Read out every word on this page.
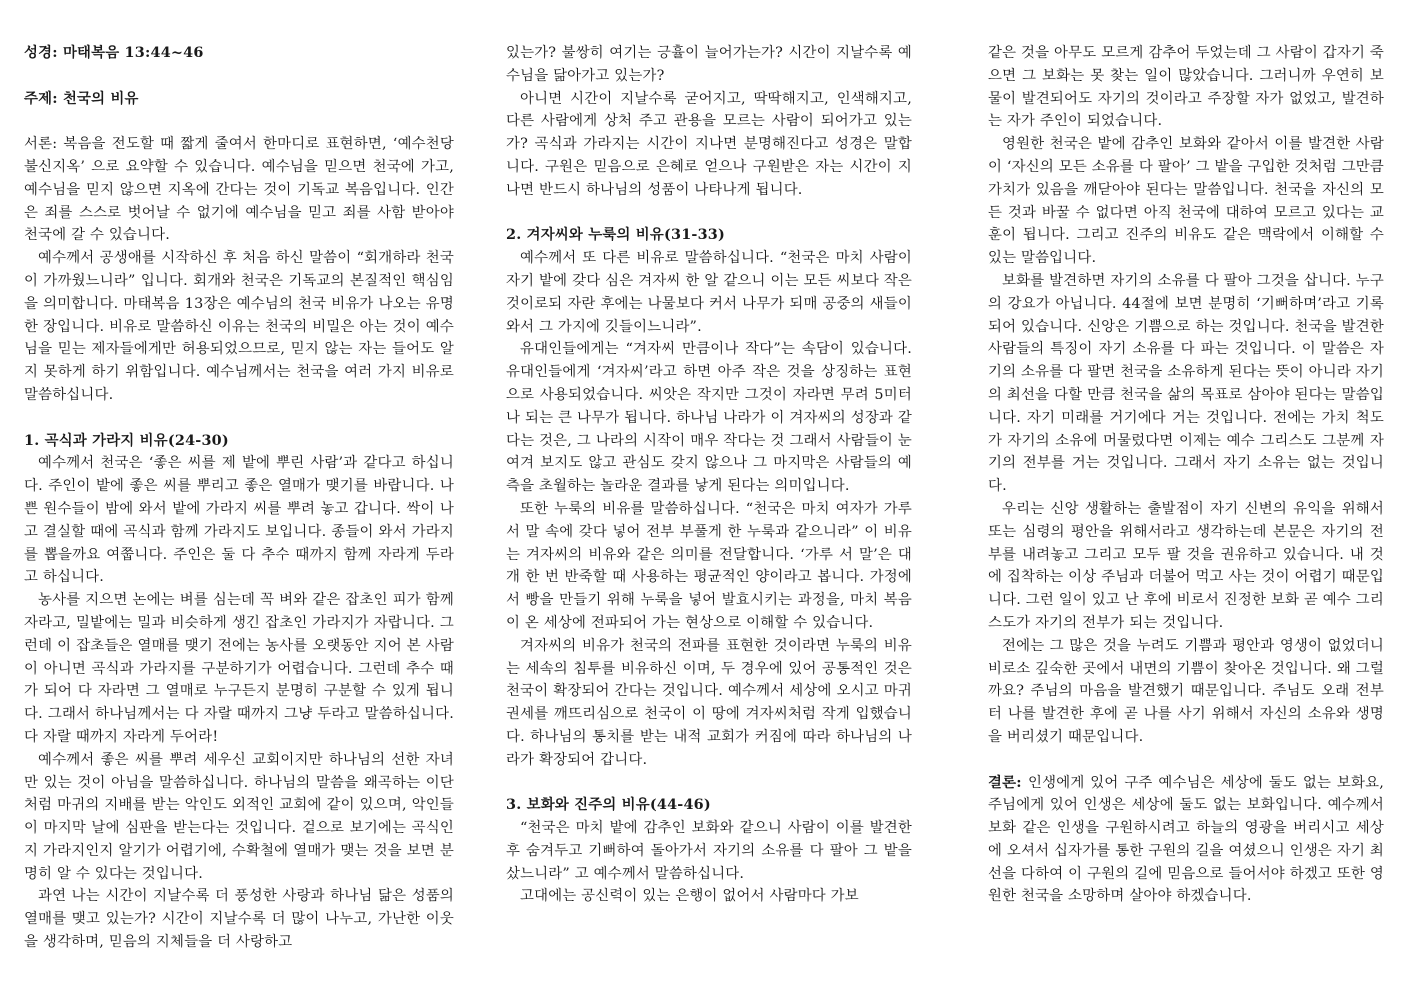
성경: 마태복음 13:44~46

주제: 천국의 비유

서론: 복음을 전도할 때 짧게 줄여서 한마디로 표현하면, ‘예수천당 불신지옥’ 으로 요약할 수 있습니다. 예수님을 믿으면 천국에 가고, 예수님을 믿지 않으면 지옥에 간다는 것이 기독교 복음입니다. 인간은 죄를 스스로 벗어날 수 없기에 예수님을 믿고 죄를 사함 받아야 천국에 갈 수 있습니다.

예수께서 공생애를 시작하신 후 처음 하신 말씀이 “회개하라 천국이 가까웠느니라” 입니다. 회개와 천국은 기독교의 본질적인 핵심임을 의미합니다. 마태복음 13장은 예수님의 천국 비유가 나오는 유명한 장입니다. 비유로 말씀하신 이유는 천국의 비밀은 아는 것이 예수님을 믿는 제자들에게만 허용되었으므로, 믿지 않는 자는 들어도 알지 못하게 하기 위함입니다. 예수님께서는 천국을 여러 가지 비유로 말씀하십니다.

1. 곡식과 가라지 비유(24-30)

예수께서 천국은 ‘좋은 씨를 제 밭에 뿌린 사람’과 같다고 하십니다. 주인이 밭에 좋은 씨를 뿌리고 좋은 열매가 맺기를 바랍니다. 나쁜 원수들이 밤에 와서 밭에 가라지 씨를 뿌려 놓고 갑니다. 싹이 나고 결실할 때에 곡식과 함께 가라지도 보입니다. 종들이 와서 가라지를 뽑을까요 여쭙니다. 주인은 둘 다 추수 때까지 함께 자라게 두라고 하십니다.

농사를 지으면 논에는 벼를 심는데 꼭 벼와 같은 잡초인 피가 함께 자라고, 밀밭에는 밀과 비슷하게 생긴 잡초인 가라지가 자랍니다. 그런데 이 잡초들은 열매를 맺기 전에는 농사를 오랫동안 지어 본 사람이 아니면 곡식과 가라지를 구분하기가 어렵습니다. 그런데 추수 때가 되어 다 자라면 그 열매로 누구든지 분명히 구분할 수 있게 됩니다. 그래서 하나님께서는 다 자랄 때까지 그냥 두라고 말씀하십니다. 다 자랄 때까지 자라게 두어라!

예수께서 좋은 씨를 뿌려 세우신 교회이지만 하나님의 선한 자녀만 있는 것이 아님을 말씀하십니다. 하나님의 말씀을 왜곡하는 이단처럼 마귀의 지배를 받는 악인도 외적인 교회에 같이 있으며, 악인들이 마지막 날에 심판을 받는다는 것입니다. 겉으로 보기에는 곡식인지 가라지인지 알기가 어렵기에, 수확철에 열매가 맺는 것을 보면 분명히 알 수 있다는 것입니다.

과연 나는 시간이 지날수록 더 풍성한 사랑과 하나님 닮은 성품의 열매를 맺고 있는가? 시간이 지날수록 더 많이 나누고, 가난한 이웃을 생각하며, 믿음의 지체들을 더 사랑하고

있는가? 불쌍히 여기는 긍휼이 늘어가는가? 시간이 지날수록 예수님을 닮아가고 있는가?

아니면 시간이 지날수록 굳어지고, 딱딱해지고, 인색해지고, 다른 사람에게 상처 주고 관용을 모르는 사람이 되어가고 있는가? 곡식과 가라지는 시간이 지나면 분명해진다고 성경은 말합니다. 구원은 믿음으로 은혜로 얻으나 구원받은 자는 시간이 지나면 반드시 하나님의 성품이 나타나게 됩니다.

2. 겨자씨와 누룩의 비유(31-33)

예수께서 또 다른 비유로 말씀하십니다. “천국은 마치 사람이 자기 밭에 갖다 심은 겨자씨 한 알 같으니 이는 모든 씨보다 작은 것이로되 자란 후에는 나물보다 커서 나무가 되매 공중의 새들이 와서 그 가지에 깃들이느니라”.

유대인들에게는 “겨자씨 만큼이나 작다”는 속담이 있습니다. 유대인들에게 ‘겨자씨’라고 하면 아주 작은 것을 상징하는 표현으로 사용되었습니다. 씨앗은 작지만 그것이 자라면 무려 5미터나 되는 큰 나무가 됩니다. 하나님 나라가 이 겨자씨의 성장과 같다는 것은, 그 나라의 시작이 매우 작다는 것 그래서 사람들이 눈 여겨 보지도 않고 관심도 갖지 않으나 그 마지막은 사람들의 예측을 초월하는 놀라운 결과를 낳게 된다는 의미입니다.

또한 누룩의 비유를 말씀하십니다. “천국은 마치 여자가 가루 서 말 속에 갖다 넣어 전부 부풀게 한 누룩과 같으니라” 이 비유는 겨자씨의 비유와 같은 의미를 전달합니다. ‘가루 서 말’은 대개 한 번 반죽할 때 사용하는 평균적인 양이라고 봅니다. 가정에서 빵을 만들기 위해 누룩을 넣어 발효시키는 과정을, 마치 복음이 온 세상에 전파되어 가는 현상으로 이해할 수 있습니다.

겨자씨의 비유가 천국의 전파를 표현한 것이라면 누룩의 비유는 세속의 침투를 비유하신 이며, 두 경우에 있어 공통적인 것은 천국이 확장되어 간다는 것입니다. 예수께서 세상에 오시고 마귀 권세를 깨뜨리심으로 천국이 이 땅에 겨자씨처럼 작게 입했습니다. 하나님의 통치를 받는 내적 교회가 커짐에 따라 하나님의 나라가 확장되어 갑니다.

3. 보화와 진주의 비유(44-46)

“천국은 마치 밭에 감추인 보화와 같으니 사람이 이를 발견한 후 숨겨두고 기뻐하여 돌아가서 자기의 소유를 다 팔아 그 밭을 샀느니라” 고 예수께서 말씀하십니다.

고대에는 공신력이 있는 은행이 없어서 사람마다 가보

같은 것을 아무도 모르게 감추어 두었는데 그 사람이 갑자기 죽으면 그 보화는 못 찾는 일이 많았습니다. 그러니까 우연히 보물이 발견되어도 자기의 것이라고 주장할 자가 없었고, 발견하는 자가 주인이 되었습니다.

영원한 천국은 밭에 감추인 보화와 같아서 이를 발견한 사람이 ‘자신의 모든 소유를 다 팔아’ 그 밭을 구입한 것처럼 그만큼 가치가 있음을 깨닫아야 된다는 말씀입니다. 천국을 자신의 모든 것과 바꿀 수 없다면 아직 천국에 대하여 모르고 있다는 교훈이 됩니다. 그리고 진주의 비유도 같은 맥락에서 이해할 수 있는 말씀입니다.

보화를 발견하면 자기의 소유를 다 팔아 그것을 삽니다. 누구의 강요가 아닙니다. 44절에 보면 분명히 ‘기뻐하며’라고 기록되어 있습니다. 신앙은 기쁨으로 하는 것입니다. 천국을 발견한 사람들의 특징이 자기 소유를 다 파는 것입니다. 이 말씀은 자기의 소유를 다 팔면 천국을 소유하게 된다는 뜻이 아니라 자기의 최선을 다할 만큼 천국을 삶의 목표로 삼아야 된다는 말씀입니다. 자기 미래를 거기에다 거는 것입니다. 전에는 가치 척도가 자기의 소유에 머물렀다면 이제는 예수 그리스도 그분께 자기의 전부를 거는 것입니다. 그래서 자기 소유는 없는 것입니다.

우리는 신앙 생활하는 출발점이 자기 신변의 유익을 위해서 또는 심령의 평안을 위해서라고 생각하는데 본문은 자기의 전부를 내려놓고 그리고 모두 팔 것을 권유하고 있습니다. 내 것에 집착하는 이상 주님과 더불어 먹고 사는 것이 어렵기 때문입니다. 그런 일이 있고 난 후에 비로서 진정한 보화 곧 예수 그리스도가 자기의 전부가 되는 것입니다.

전에는 그 많은 것을 누려도 기쁨과 평안과 영생이 없었더니 비로소 깊숙한 곳에서 내면의 기쁨이 찾아온 것입니다. 왜 그럴까요? 주님의 마음을 발견했기 때문입니다. 주님도 오래 전부터 나를 발견한 후에 곧 나를 사기 위해서 자신의 소유와 생명을 버리셨기 때문입니다.

결론: 인생에게 있어 구주 예수님은 세상에 둘도 없는 보화요, 주님에게 있어 인생은 세상에 둘도 없는 보화입니다. 예수께서 보화 같은 인생을 구원하시려고 하늘의 영광을 버리시고 세상에 오셔서 십자가를 통한 구원의 길을 여셨으니 인생은 자기 최선을 다하여 이 구원의 길에 믿음으로 들어서야 하겠고 또한 영원한 천국을 소망하며 살아야 하겠습니다.
